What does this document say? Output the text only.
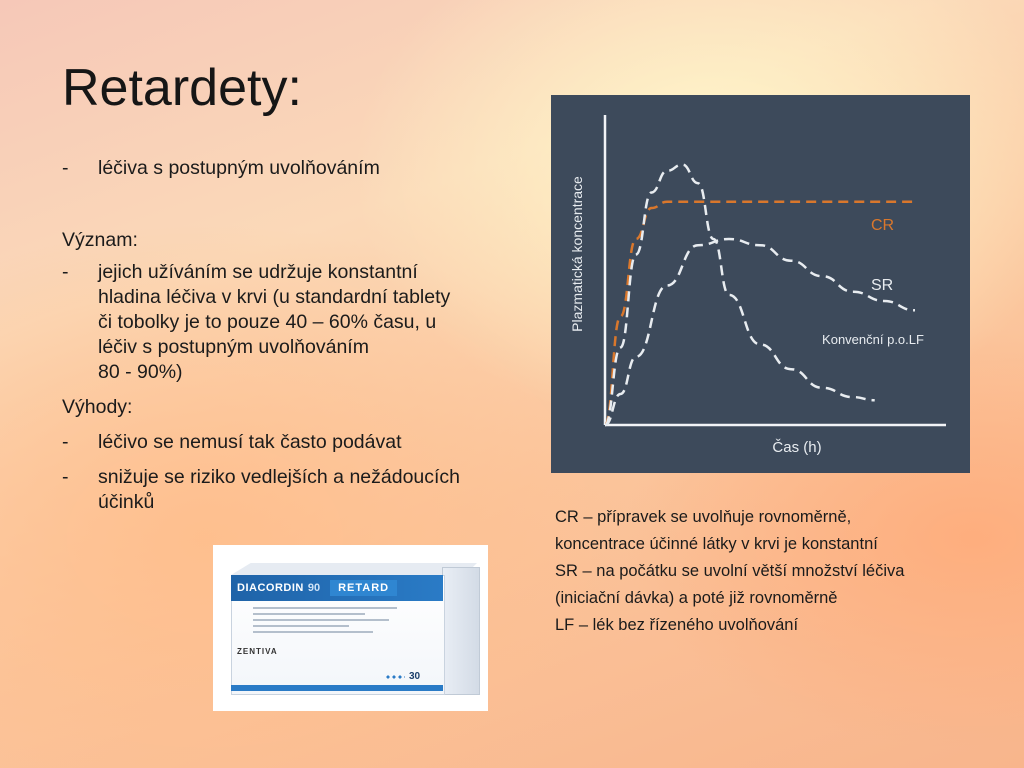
Retardety:
-	léčiva s postupným uvolňováním
Význam:
-	jejich užíváním se udržuje konstantní
hladina léčiva v krvi (u standardní tablety
či tobolky je to pouze 40 – 60% času, u
léčiv s postupným uvolňováním
80 - 90%)
Výhody:
-	léčivo se nemusí tak často podávat
-	snižuje se riziko vedlejších a nežádoucích
účinků
Čas (h)
Plazmatická koncentrace	CR
SR
Konvenční p.o.LF
CR – přípravek se uvolňuje rovnoměrně,
koncentrace účinné látky v krvi je konstantní
SR – na počátku se uvolní větší množství léčiva
(iniciační dávka) a poté již rovnoměrně
LF – lék bez řízeného uvolňování
DIACORDIN 90	RETARD
ZENTIVA
30
